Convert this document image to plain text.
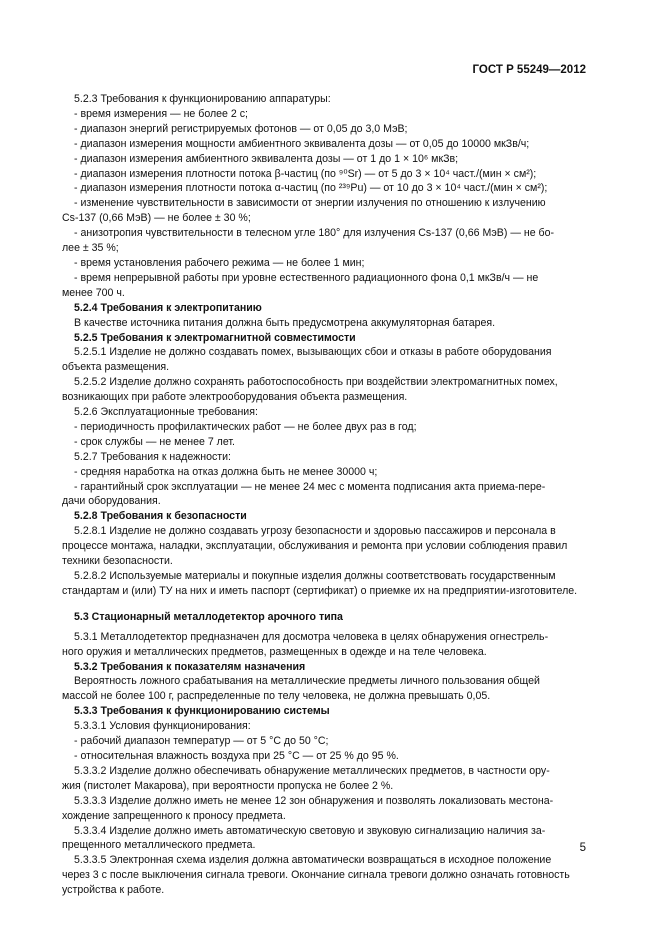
ГОСТ Р 55249—2012
5.2.3 Требования к функционированию аппаратуры:
- время измерения — не более 2 с;
- диапазон энергий регистрируемых фотонов — от 0,05 до 3,0 МэВ;
- диапазон измерения мощности амбиентного эквивалента дозы — от 0,05 до 10000 мкЗв/ч;
- диапазон измерения амбиентного эквивалента дозы — от 1 до 1 × 10⁶ мкЗв;
- диапазон измерения плотности потока β-частиц (по ⁹⁰Sr) — от 5 до 3 × 10⁴ част./(мин × см²);
- диапазон измерения плотности потока α-частиц (по ²³⁹Pu) — от 10 до 3 × 10⁴ част./(мин × см²);
- изменение чувствительности в зависимости от энергии излучения по отношению к излучению
Cs-137 (0,66 МэВ) — не более ± 30 %;
- анизотропия чувствительности в телесном угле 180° для излучения Cs-137 (0,66 МэВ) — не бо-
лее ± 35 %;
- время установления рабочего режима — не более 1 мин;
- время непрерывной работы при уровне естественного радиационного фона 0,1 мкЗв/ч — не
менее 700 ч.
5.2.4 Требования к электропитанию
В качестве источника питания должна быть предусмотрена аккумуляторная батарея.
5.2.5 Требования к электромагнитной совместимости
5.2.5.1 Изделие не должно создавать помех, вызывающих сбои и отказы в работе оборудования
объекта размещения.
5.2.5.2 Изделие должно сохранять работоспособность при воздействии электромагнитных помех,
возникающих при работе электрооборудования объекта размещения.
5.2.6 Эксплуатационные требования:
- периодичность профилактических работ — не более двух раз в год;
- срок службы — не менее 7 лет.
5.2.7 Требования к надежности:
- средняя наработка на отказ должна быть не менее 30000 ч;
- гарантийный срок эксплуатации — не менее 24 мес с момента подписания акта приема-пере-
дачи оборудования.
5.2.8 Требования к безопасности
5.2.8.1 Изделие не должно создавать угрозу безопасности и здоровью пассажиров и персонала в
процессе монтажа, наладки, эксплуатации, обслуживания и ремонта при условии соблюдения правил
техники безопасности.
5.2.8.2 Используемые материалы и покупные изделия должны соответствовать государственным
стандартам и (или) ТУ на них и иметь паспорт (сертификат) о приемке их на предприятии-изготовителе.
5.3 Стационарный металлодетектор арочного типа
5.3.1 Металлодетектор предназначен для досмотра человека в целях обнаружения огнестрель-
ного оружия и металлических предметов, размещенных в одежде и на теле человека.
5.3.2 Требования к показателям назначения
Вероятность ложного срабатывания на металлические предметы личного пользования общей
массой не более 100 г, распределенные по телу человека, не должна превышать 0,05.
5.3.3 Требования к функционированию системы
5.3.3.1 Условия функционирования:
- рабочий диапазон температур — от 5 °С до 50 °С;
- относительная влажность воздуха при 25 °С — от 25 % до 95 %.
5.3.3.2 Изделие должно обеспечивать обнаружение металлических предметов, в частности ору-
жия (пистолет Макарова), при вероятности пропуска не более 2 %.
5.3.3.3 Изделие должно иметь не менее 12 зон обнаружения и позволять локализовать местона-
хождение запрещенного к проносу предмета.
5.3.3.4 Изделие должно иметь автоматическую световую и звуковую сигнализацию наличия за-
прещенного металлического предмета.
5.3.3.5 Электронная схема изделия должна автоматически возвращаться в исходное положение
через 3 с после выключения сигнала тревоги. Окончание сигнала тревоги должно означать готовность
устройства к работе.
5
